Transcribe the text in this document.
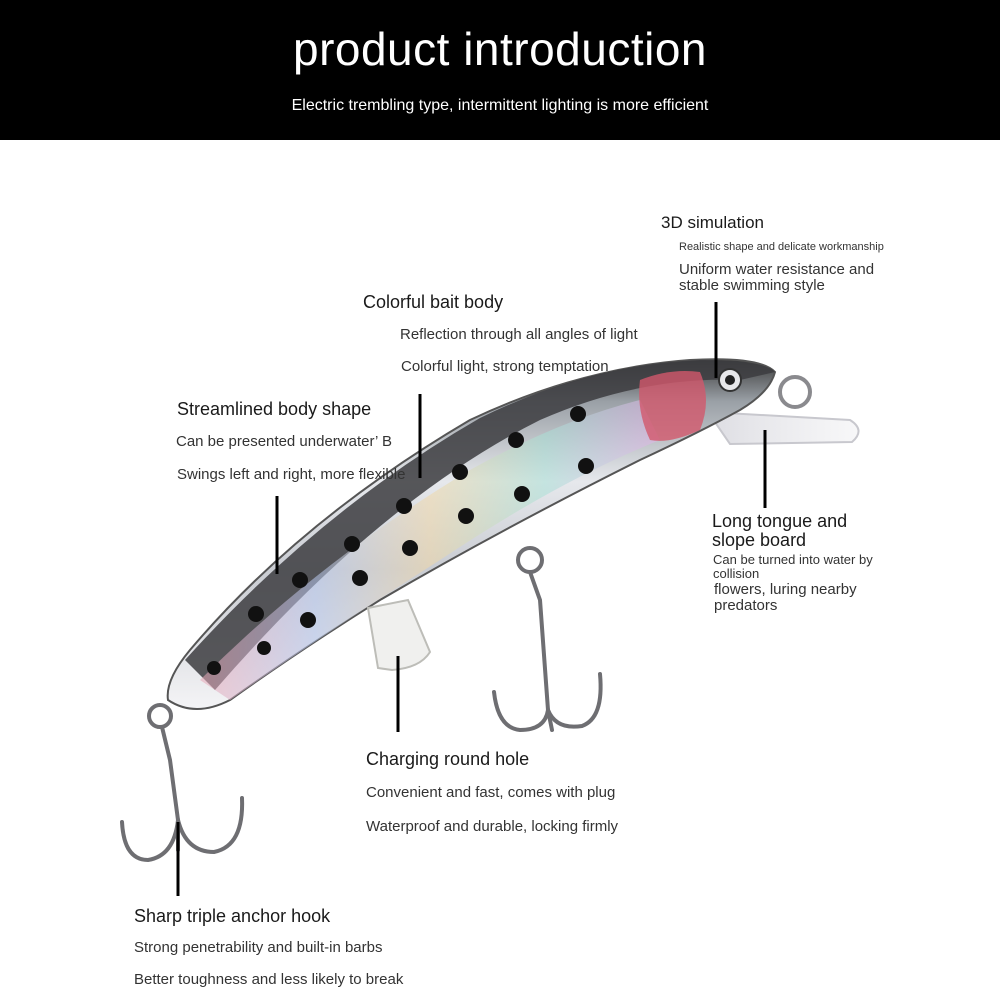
product introduction
Electric trembling type, intermittent lighting is more efficient
3D simulation
Realistic shape and delicate workmanship
Uniform water resistance and stable swimming style
Colorful bait body
Reflection through all angles of light
Colorful light, strong temptation
Streamlined body shape
Can be presented underwater’ B
Swings left and right, more flexible
Long tongue and slope board
Can be turned into water by collision
flowers, luring nearby predators
Charging round hole
Convenient and fast, comes with plug
Waterproof and durable, locking firmly
Sharp triple anchor hook
Strong penetrability and built-in barbs
Better toughness and less likely to break
